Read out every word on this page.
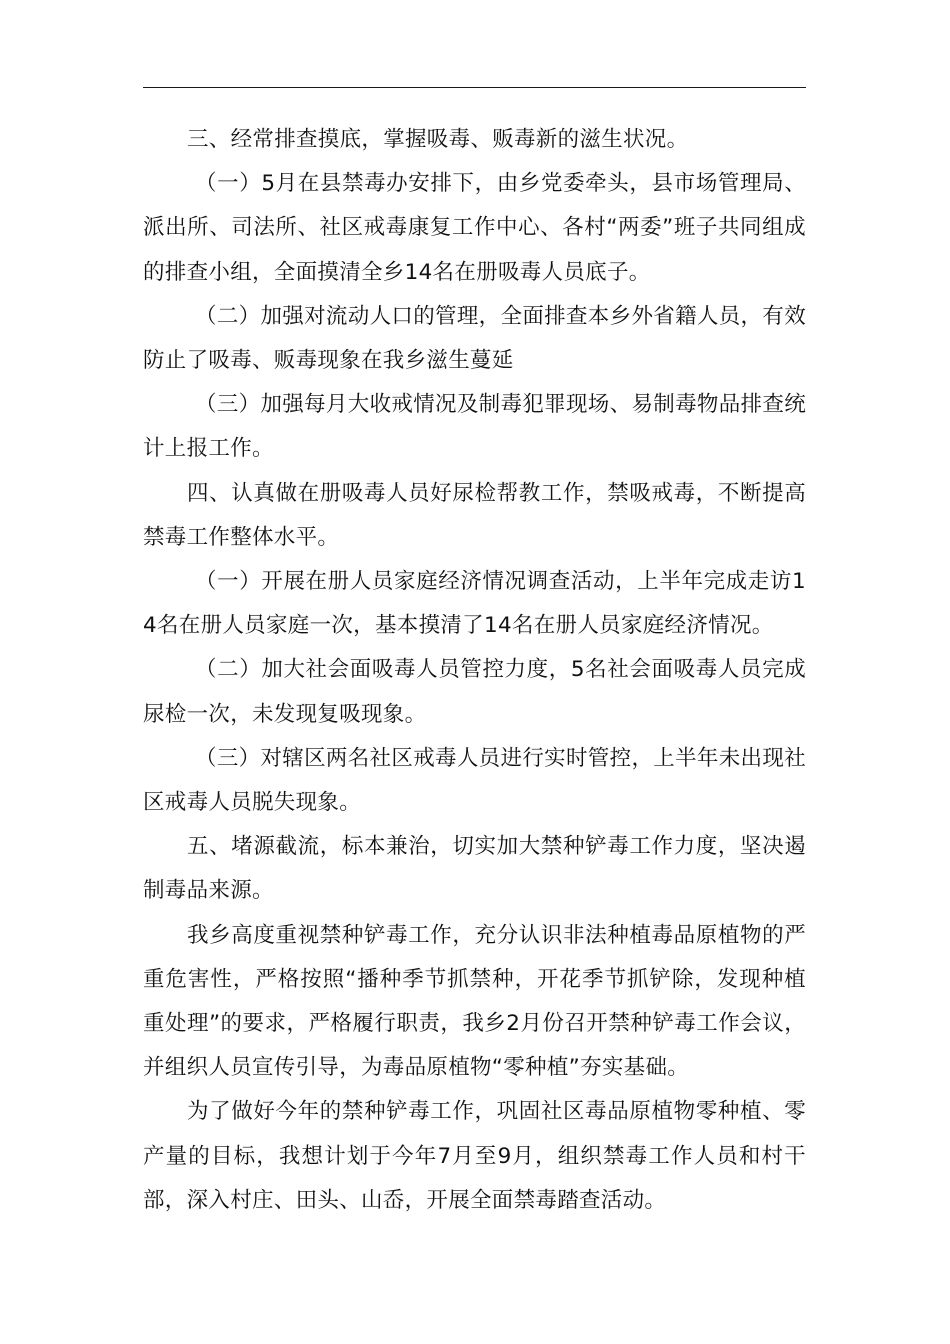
三、经常排查摸底，掌握吸毒、贩毒新的滋生状况。

（一）5月在县禁毒办安排下，由乡党委牵头，县市场管理局、派出所、司法所、社区戒毒康复工作中心、各村“两委”班子共同组成的排查小组，全面摸清全乡14名在册吸毒人员底子。

（二）加强对流动人口的管理，全面排查本乡外省籍人员，有效防止了吸毒、贩毒现象在我乡滋生蔓延

（三）加强每月大收戒情况及制毒犯罪现场、易制毒物品排查统计上报工作。

四、认真做在册吸毒人员好尿检帮教工作，禁吸戒毒，不断提高禁毒工作整体水平。

（一）开展在册人员家庭经济情况调查活动，上半年完成走访14名在册人员家庭一次，基本摸清了14名在册人员家庭经济情况。

（二）加大社会面吸毒人员管控力度，5名社会面吸毒人员完成尿检一次，未发现复吸现象。

（三）对辖区两名社区戒毒人员进行实时管控，上半年未出现社区戒毒人员脱失现象。

五、堵源截流，标本兼治，切实加大禁种铲毒工作力度，坚决遏制毒品来源。

我乡高度重视禁种铲毒工作，充分认识非法种植毒品原植物的严重危害性，严格按照“播种季节抓禁种，开花季节抓铲除，发现种植重处理”的要求，严格履行职责，我乡2月份召开禁种铲毒工作会议，并组织人员宣传引导，为毒品原植物“零种植”夯实基础。

为了做好今年的禁种铲毒工作，巩固社区毒品原植物零种植、零产量的目标，我想计划于今年7月至9月，组织禁毒工作人员和村干部，深入村庄、田头、山岙，开展全面禁毒踏查活动。
